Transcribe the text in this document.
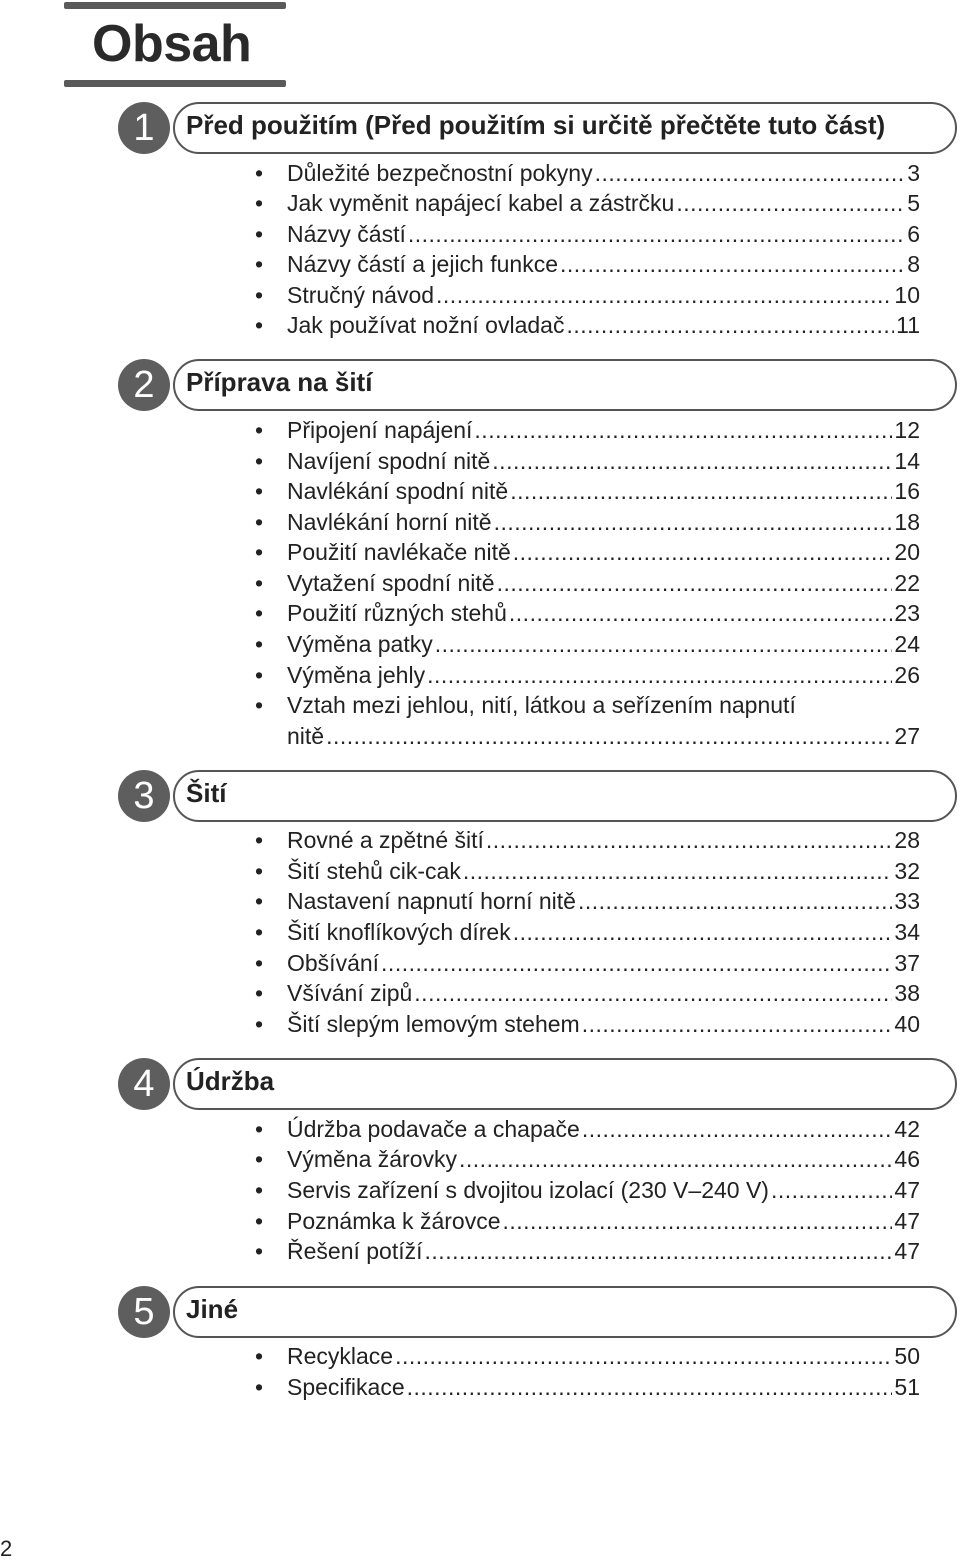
Obsah
1	Před použitím (Před použitím si určitě přečtěte tuto část)
• Důležité bezpečnostní pokyny .....	3
• Jak vyměnit napájecí kabel a zástrčku .....	5
• Názvy částí .....	6
• Názvy částí a jejich funkce .....	8
• Stručný návod .....	10
• Jak používat nožní ovladač .....	11
2	Příprava na šití
• Připojení napájení .....	12
• Navíjení spodní nitě .....	14
• Navlékání spodní nitě .....	16
• Navlékání horní nitě .....	18
• Použití navlékače nitě .....	20
• Vytažení spodní nitě .....	22
• Použití různých stehů .....	23
• Výměna patky .....	24
• Výměna jehly .....	26
• Vztah mezi jehlou, nití, látkou a seřízením napnutí
nitě .....	27
3	Šití
• Rovné a zpětné šití .....	28
• Šití stehů cik-cak .....	32
• Nastavení napnutí horní nitě .....	33
• Šití knoflíkových dírek .....	34
• Obšívání .....	37
• Všívání zipů .....	38
• Šití slepým lemovým stehem .....	40
4	Údržba
• Údržba podavače a chapače .....	42
• Výměna žárovky .....	46
• Servis zařízení s dvojitou izolací (230 V–240 V) .....	47
• Poznámka k žárovce .....	47
• Řešení potíží .....	47
5	Jiné
• Recyklace .....	50
• Specifikace .....	51
2
